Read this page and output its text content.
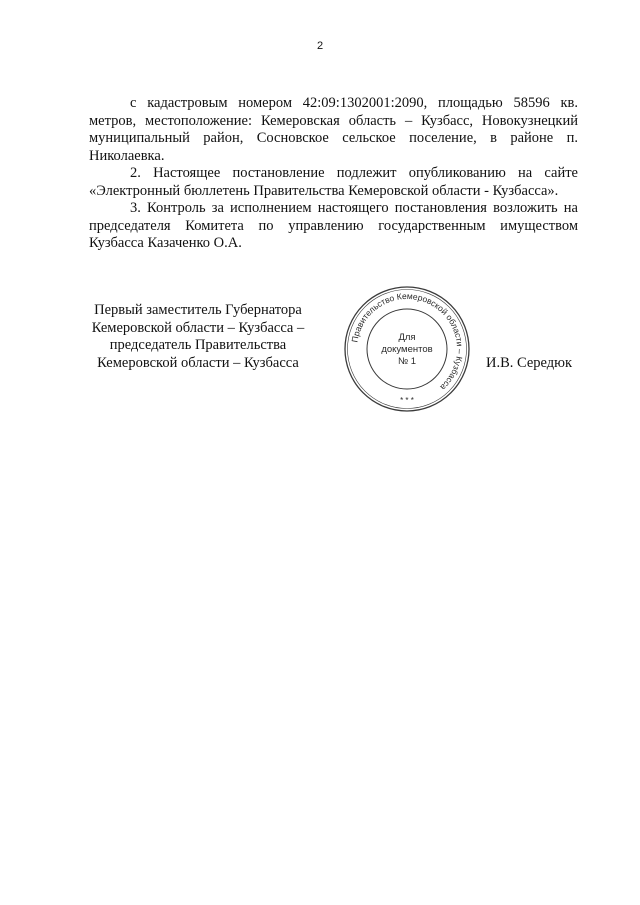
2

с кадастровым номером 42:09:1302001:2090, площадью 58596 кв. метров, местоположение: Кемеровская область – Кузбасс, Новокузнецкий муниципальный район, Сосновское сельское поселение, в районе п. Николаевка.

2. Настоящее постановление подлежит опубликованию на сайте «Электронный бюллетень Правительства Кемеровской области - Кузбасса».

3. Контроль за исполнением настоящего постановления возложить на председателя Комитета по управлению государственным имуществом Кузбасса Казаченко О.А.

Первый заместитель Губернатора
Кемеровской области – Кузбасса –
председатель Правительства
Кемеровской области – Кузбасса
Правительство Кемеровской области – Кузбасса
Для
документов
№ 1
* * *
И.В. Середюк
